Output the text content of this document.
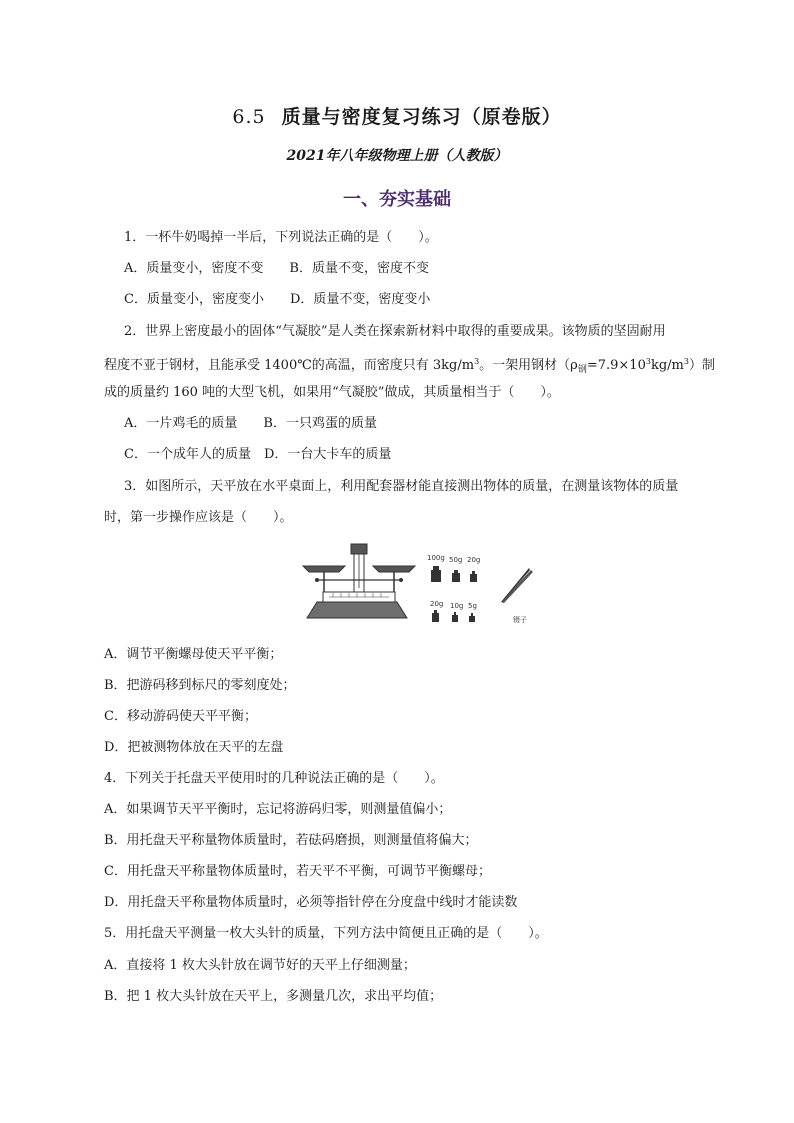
6.5 质量与密度复习练习（原卷版）
2021年八年级物理上册（人教版）
一、夯实基础
1．一杯牛奶喝掉一半后，下列说法正确的是（　　）。
A．质量变小，密度不变　　B．质量不变，密度不变
C．质量变小，密度变小　　D．质量不变，密度变小
2．世界上密度最小的固体“气凝胶”是人类在探索新材料中取得的重要成果。该物质的坚固耐用
程度不亚于钢材，且能承受 1400℃的高温，而密度只有 $3kg/m^3$。一架用钢材$(\rho_钢=7.9\times 10^3kg/m^3)$制
成的质量约 160 吨的大型飞机，如果用“气凝胶”做成，其质量相当于（　　）。
A．一片鸡毛的质量　　B．一只鸡蛋的质量
C．一个成年人的质量　D．一台大卡车的质量
3．如图所示，天平放在水平桌面上，利用配套器材能直接测出物体的质量，在测量该物体的质量
时，第一步操作应该是（　　）。
100g 50g 20g
20g 10g 5g
镊子
A．调节平衡螺母使天平平衡；
B．把游码移到标尺的零刻度处；
C．移动游码使天平平衡；
D．把被测物体放在天平的左盘
4．下列关于托盘天平使用时的几种说法正确的是（　　）。
A．如果调节天平平衡时，忘记将游码归零，则测量值偏小；
B．用托盘天平称量物体质量时，若砝码磨损，则测量值将偏大；
C．用托盘天平称量物体质量时，若天平不平衡，可调节平衡螺母；
D．用托盘天平称量物体质量时，必须等指针停在分度盘中线时才能读数
5．用托盘天平测量一枚大头针的质量，下列方法中简便且正确的是（　　）。
A．直接将 1 枚大头针放在调节好的天平上仔细测量；
B．把 1 枚大头针放在天平上，多测量几次，求出平均值；
